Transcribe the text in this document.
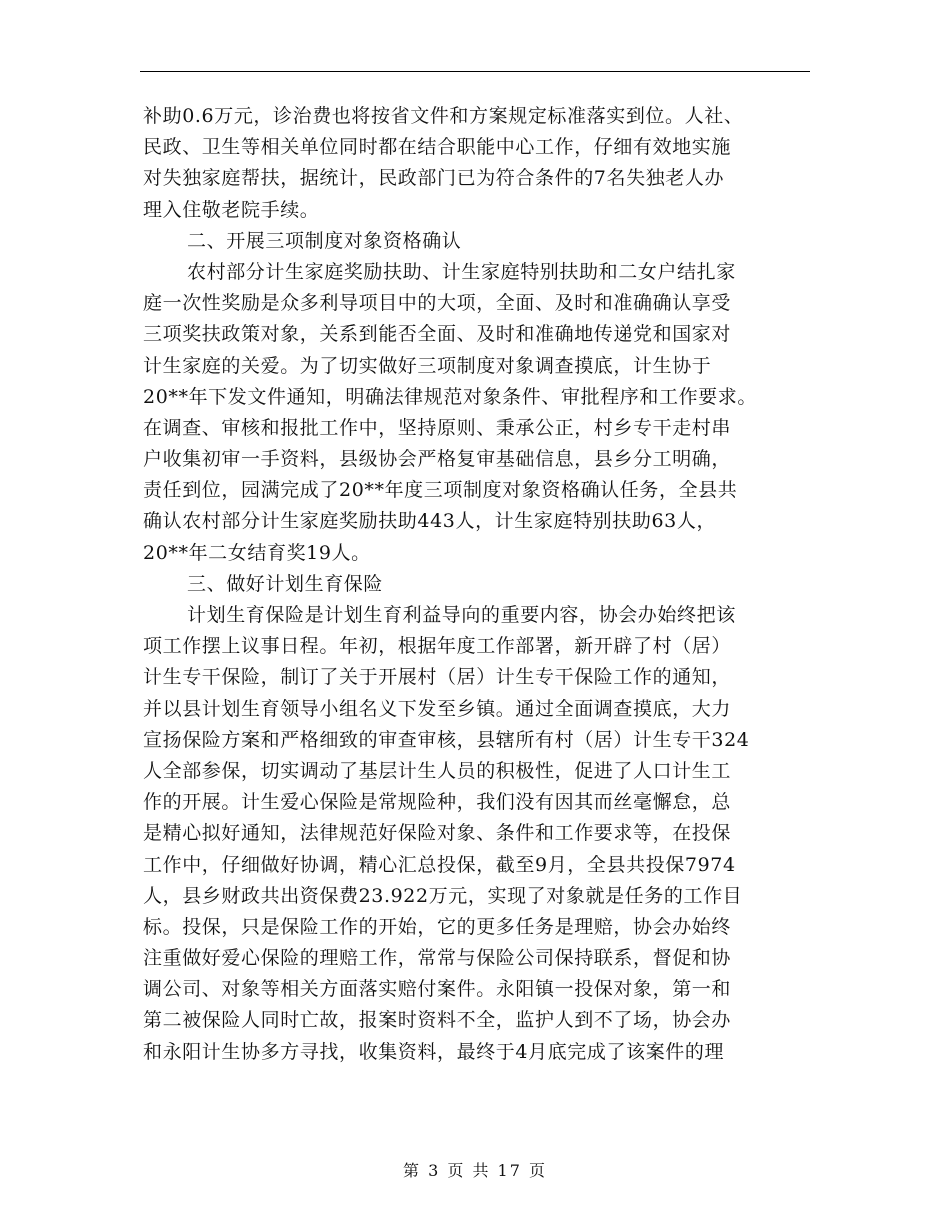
补助0.6万元，诊治费也将按省文件和方案规定标准落实到位。人社、
民政、卫生等相关单位同时都在结合职能中心工作，仔细有效地实施
对失独家庭帮扶，据统计，民政部门已为符合条件的7名失独老人办
理入住敬老院手续。
二、开展三项制度对象资格确认
农村部分计生家庭奖励扶助、计生家庭特别扶助和二女户结扎家
庭一次性奖励是众多利导项目中的大项，全面、及时和准确确认享受
三项奖扶政策对象，关系到能否全面、及时和准确地传递党和国家对
计生家庭的关爱。为了切实做好三项制度对象调查摸底，计生协于
20**年下发文件通知，明确法律规范对象条件、审批程序和工作要求。
在调查、审核和报批工作中，坚持原则、秉承公正，村乡专干走村串
户收集初审一手资料，县级协会严格复审基础信息，县乡分工明确，
责任到位，园满完成了20**年度三项制度对象资格确认任务，全县共
确认农村部分计生家庭奖励扶助443人，计生家庭特别扶助63人，
20**年二女结育奖19人。
三、做好计划生育保险
计划生育保险是计划生育利益导向的重要内容，协会办始终把该
项工作摆上议事日程。年初，根据年度工作部署，新开辟了村（居）
计生专干保险，制订了关于开展村（居）计生专干保险工作的通知，
并以县计划生育领导小组名义下发至乡镇。通过全面调查摸底，大力
宣扬保险方案和严格细致的审查审核，县辖所有村（居）计生专干324
人全部参保，切实调动了基层计生人员的积极性，促进了人口计生工
作的开展。计生爱心保险是常规险种，我们没有因其而丝毫懈怠，总
是精心拟好通知，法律规范好保险对象、条件和工作要求等，在投保
工作中，仔细做好协调，精心汇总投保，截至9月，全县共投保7974
人，县乡财政共出资保费23.922万元，实现了对象就是任务的工作目
标。投保，只是保险工作的开始，它的更多任务是理赔，协会办始终
注重做好爱心保险的理赔工作，常常与保险公司保持联系，督促和协
调公司、对象等相关方面落实赔付案件。永阳镇一投保对象，第一和
第二被保险人同时亡故，报案时资料不全，监护人到不了场，协会办
和永阳计生协多方寻找，收集资料，最终于4月底完成了该案件的理
第 3 页 共 17 页
